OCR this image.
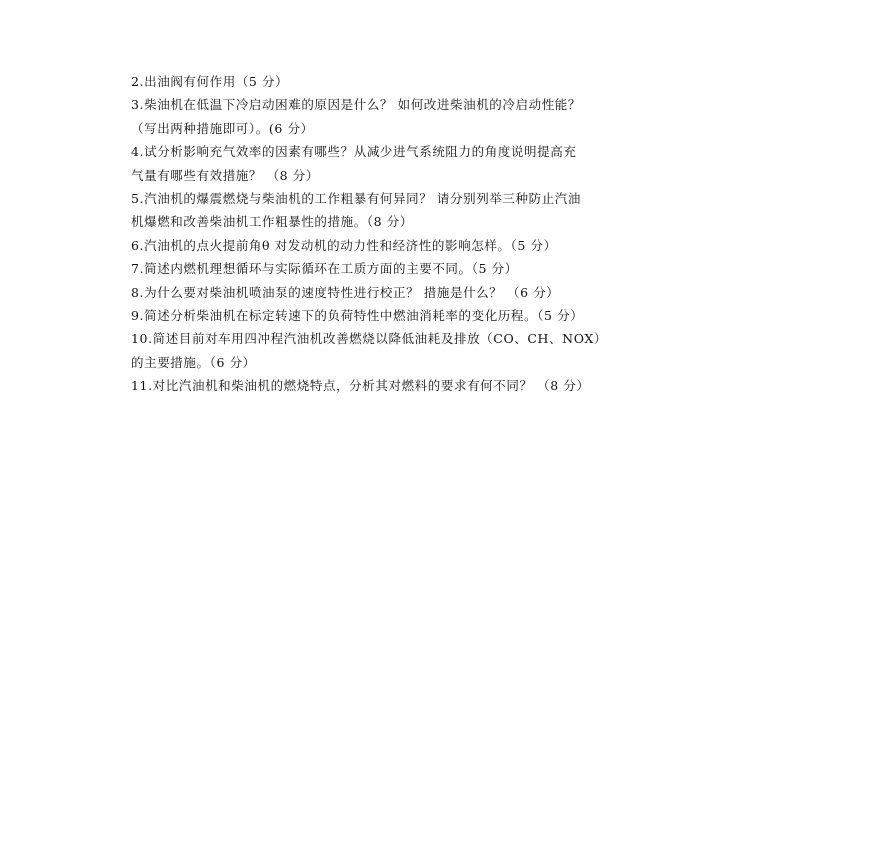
2.出油阀有何作用（5 分）
3.柴油机在低温下冷启动困难的原因是什么？ 如何改进柴油机的冷启动性能？
（写出两种措施即可）。(6 分）
4.试分析影响充气效率的因素有哪些？从减少进气系统阻力的角度说明提高充
气量有哪些有效措施？ （8 分）
5.汽油机的爆震燃烧与柴油机的工作粗暴有何异同？ 请分别列举三种防止汽油
机爆燃和改善柴油机工作粗暴性的措施。（8 分）
6.汽油机的点火提前角θ 对发动机的动力性和经济性的影响怎样。（5 分）
7.简述内燃机理想循环与实际循环在工质方面的主要不同。（5 分）
8.为什么要对柴油机喷油泵的速度特性进行校正？ 措施是什么？ （6 分）
9.简述分析柴油机在标定转速下的负荷特性中燃油消耗率的变化历程。（5 分）
10.简述目前对车用四冲程汽油机改善燃烧以降低油耗及排放（CO、CH、NOX）
的主要措施。（6 分）
11.对比汽油机和柴油机的燃烧特点，分析其对燃料的要求有何不同？ （8 分）
